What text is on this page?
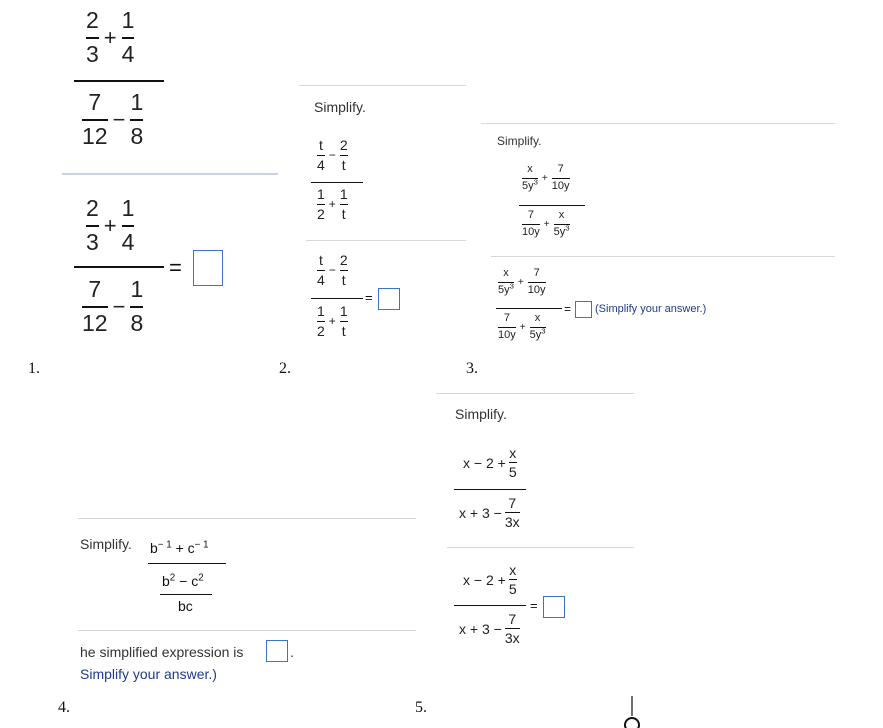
$\frac{2}{3} + \frac{1}{4}$
$\frac{7}{12} - \frac{1}{8}$
$\frac{2}{3} + \frac{1}{4}$
=
$\frac{7}{12} - \frac{1}{8}$
1.
Simplify.
$\frac{t}{4} - \frac{2}{t}$
$\frac{1}{2} + \frac{1}{t}$
$\frac{t}{4} - \frac{2}{t}$
=
$\frac{1}{2} + \frac{1}{t}$
2.
Simplify.
$\frac{x}{5y^3} + \frac{7}{10y}$
$\frac{7}{10y} + \frac{x}{5y^3}$
$\frac{x}{5y^3} + \frac{7}{10y}$
= (Simplify your answer.)
$\frac{7}{10y} + \frac{x}{5y^3}$
3.
Simplify. $b^{- 1} + c^{- 1}$
$b^2 - c^2$
bc
he simplified expression is	.
Simplify your answer.)
4.
Simplify.
$x - 2 + \frac{x}{5}$
$x + 3 - \frac{7}{3x}$
$x - 2 + \frac{x}{5}$
=
$x + 3 - \frac{7}{3x}$
5.
